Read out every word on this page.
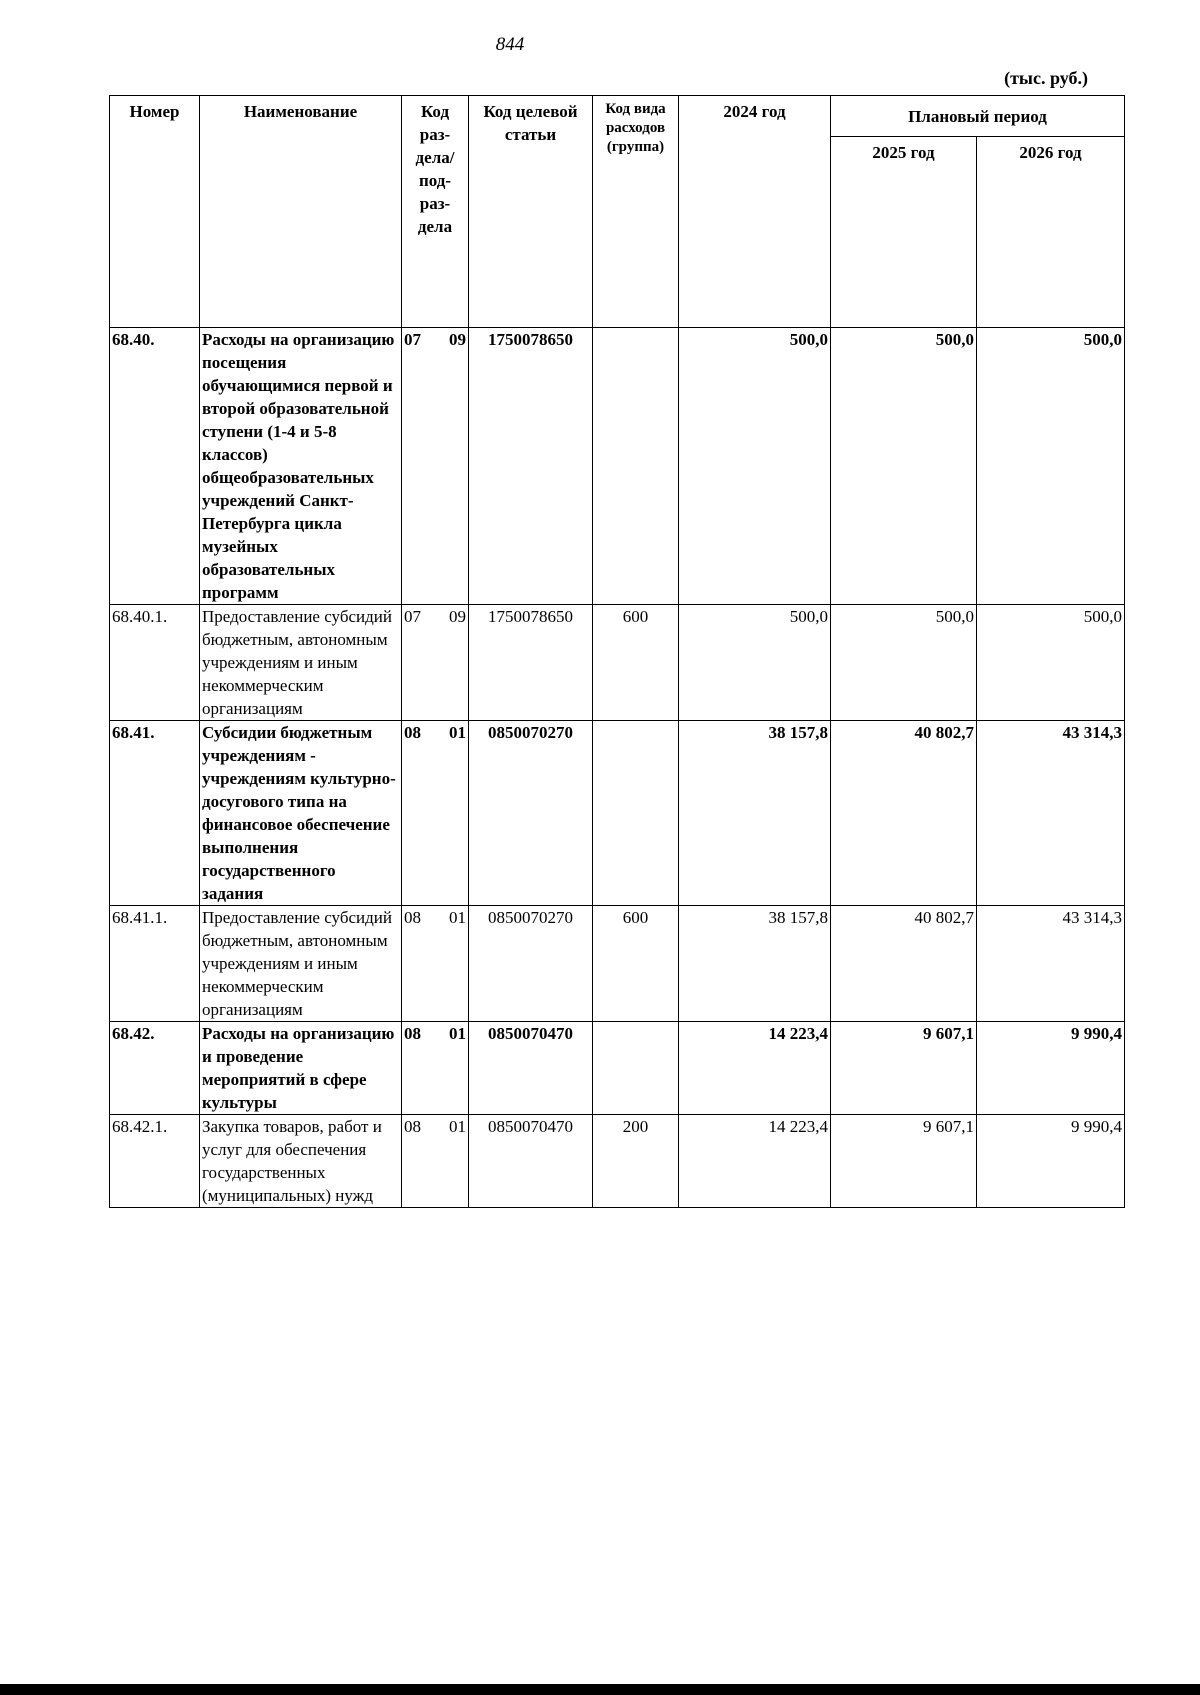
844
(тыс. руб.)
Номер	Наименование	Код раз- дела/ под- раз- дела	Код целевой статьи	Код вида расходов (группа)	2024 год	Плановый период	
						2025 год	2026 год
68.40.	Расходы на организацию посещения обучающимися первой и второй образовательной ступени (1-4 и 5-8 классов) общеобразовательных учреждений Санкт-Петербурга цикла музейных образовательных программ	07 09	1750078650		500,0	500,0	500,0
68.40.1.	Предоставление субсидий бюджетным, автономным учреждениям и иным некоммерческим организациям	07 09	1750078650	600	500,0	500,0	500,0
68.41.	Субсидии бюджетным учреждениям - учреждениям культурно-досугового типа на финансовое обеспечение выполнения государственного задания	08 01	0850070270		38 157,8	40 802,7	43 314,3
68.41.1.	Предоставление субсидий бюджетным, автономным учреждениям и иным некоммерческим организациям	08 01	0850070270	600	38 157,8	40 802,7	43 314,3
68.42.	Расходы на организацию и проведение мероприятий в сфере культуры	08 01	0850070470		14 223,4	9 607,1	9 990,4
68.42.1.	Закупка товаров, работ и услуг для обеспечения государственных (муниципальных) нужд	08 01	0850070470	200	14 223,4	9 607,1	9 990,4
